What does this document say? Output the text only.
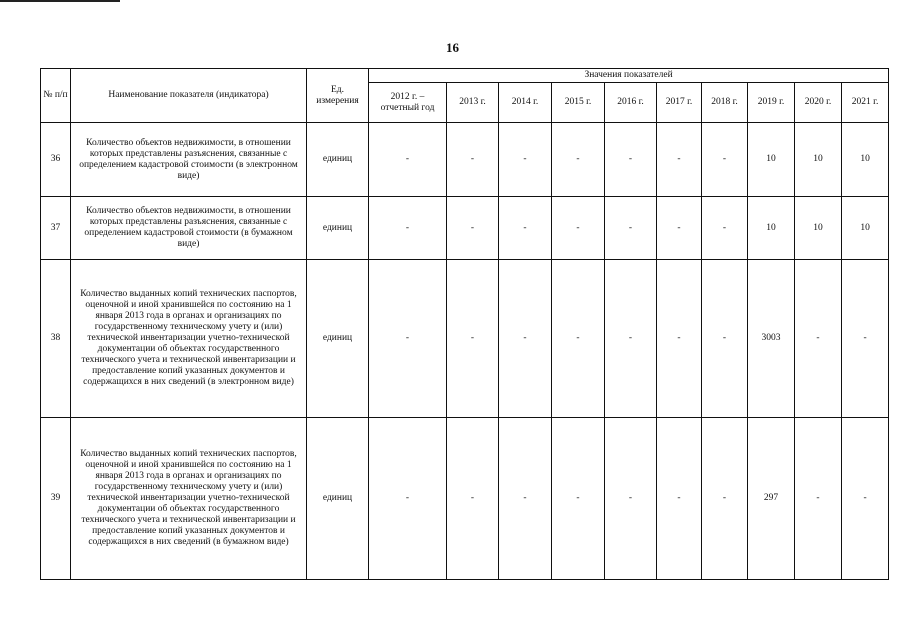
16
№ п/п	Наименование показателя (индикатора)	Ед. измерения	Значения показателей									
			2012 г. – отчетный год	2013 г.	2014 г.	2015 г.	2016 г.	2017 г.	2018 г.	2019 г.	2020 г.	2021 г.
36	Количество объектов недвижимости, в отношении которых представлены разъяснения, связанные с определением кадастровой стоимости (в электронном виде)	единиц	-	-	-	-	-	-	-	10	10	10
37	Количество объектов недвижимости, в отношении которых представлены разъяснения, связанные с определением кадастровой стоимости (в бумажном виде)	единиц	-	-	-	-	-	-	-	10	10	10
38	Количество выданных копий технических паспортов, оценочной и иной хранившейся по состоянию на 1 января 2013 года в органах и организациях по государственному техническому учету и (или) технической инвентаризации учетно-технической документации об объектах государственного технического учета и технической инвентаризации и предоставление копий указанных документов и содержащихся в них сведений (в электронном виде)	единиц	-	-	-	-	-	-	-	3003	-	-
39	Количество выданных копий технических паспортов, оценочной и иной хранившейся по состоянию на 1 января 2013 года в органах и организациях по государственному техническому учету и (или) технической инвентаризации учетно-технической документации об объектах государственного технического учета и технической инвентаризации и предоставление копий указанных документов и содержащихся в них сведений (в бумажном виде)	единиц	-	-	-	-	-	-	-	297	-	-
